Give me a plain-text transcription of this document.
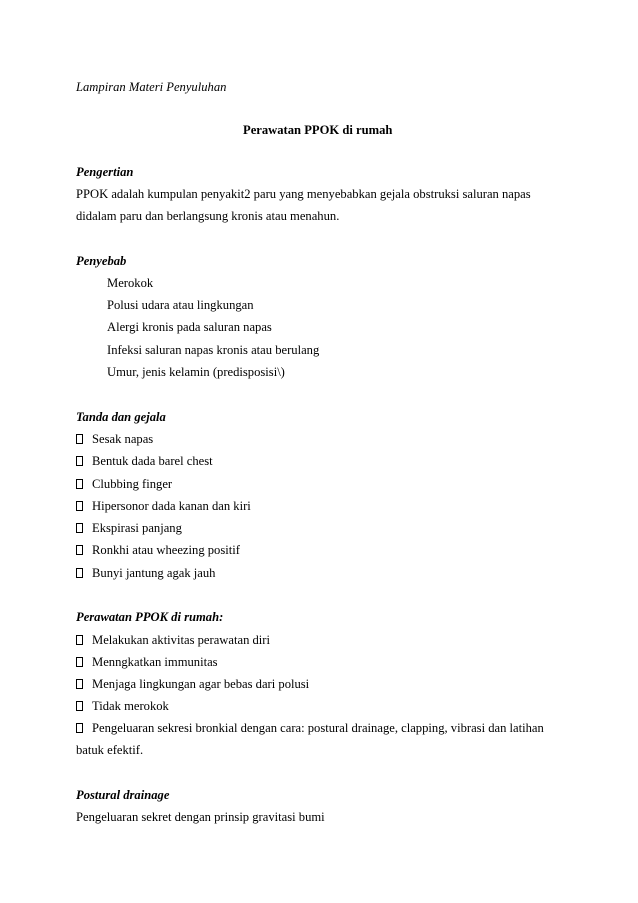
Lampiran Materi Penyuluhan
Perawatan PPOK di rumah
Pengertian
PPOK adalah kumpulan penyakit2 paru yang menyebabkan gejala obstruksi saluran napas
didalam paru dan berlangsung kronis atau menahun.
Penyebab
Merokok
Polusi udara atau lingkungan
Alergi kronis pada saluran napas
Infeksi saluran napas kronis atau berulang
Umur, jenis kelamin (predisposisi\)
Tanda dan gejala
Sesak napas
Bentuk dada barel chest
Clubbing finger
Hipersonor dada kanan dan kiri
Ekspirasi panjang
Ronkhi atau wheezing positif
Bunyi jantung agak jauh
Perawatan PPOK di rumah:
Melakukan aktivitas perawatan diri
Menngkatkan immunitas
Menjaga lingkungan agar bebas dari polusi
Tidak merokok
Pengeluaran sekresi bronkial dengan cara: postural drainage, clapping, vibrasi dan latihan
batuk efektif.
Postural drainage
Pengeluaran sekret dengan prinsip gravitasi bumi
